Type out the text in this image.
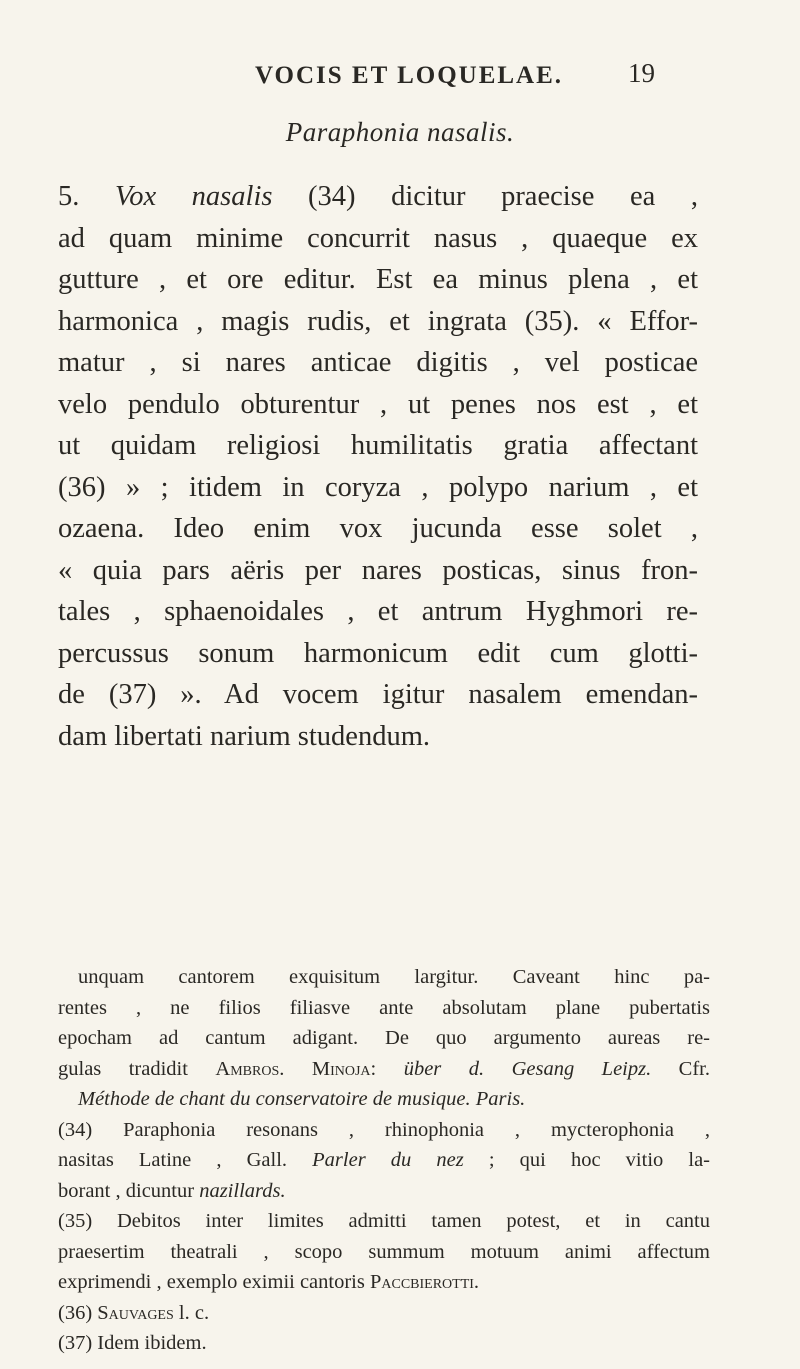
VOCIS ET LOQUELAE. 19
Paraphonia nasalis.
5. Vox nasalis (34) dicitur praecise ea ,
ad quam minime concurrit nasus , quaeque ex
gutture , et ore editur. Est ea minus plena , et
harmonica , magis rudis, et ingrata (35). « Effor-
matur , si nares anticae digitis , vel posticae
velo pendulo obturentur , ut penes nos est , et
ut quidam religiosi humilitatis gratia affectant
(36) » ; itidem in coryza , polypo narium , et
ozaena. Ideo enim vox jucunda esse solet ,
« quia pars aëris per nares posticas, sinus fron-
tales , sphaenoidales , et antrum Hyghmori re-
percussus sonum harmonicum edit cum glotti-
de (37) ». Ad vocem igitur nasalem emendan-
dam libertati narium studendum.
unquam cantorem exquisitum largitur. Caveant hinc pa-
rentes , ne filios filiasve ante absolutam plane pubertatis
epocham ad cantum adigant. De quo argumento aureas re-
gulas tradidit Ambros. Minoja: über d. Gesang Leipz. Cfr.
Méthode de chant du conservatoire de musique. Paris.
(34) Paraphonia resonans , rhinophonia , mycterophonia ,
nasitas Latine , Gall. Parler du nez ; qui hoc vitio la-
borant , dicuntur nazillards.
(35) Debitos inter limites admitti tamen potest, et in cantu
praesertim theatrali , scopo summum motuum animi affectum
exprimendi , exemplo eximii cantoris Paccbierotti.
(36) Sauvages l. c.
(37) Idem ibidem.
